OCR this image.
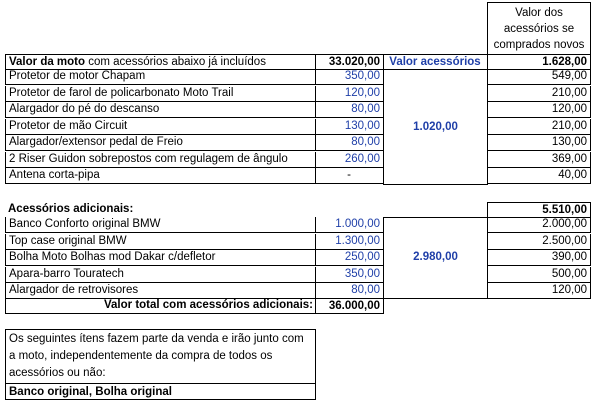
Valor dos acessórios se comprados novos
Valor da moto com acessórios abaixo já incluídos	33.020,00 Valor acessórios	1.628,00
Protetor de motor Chapam	350,00	549,00
Protetor de farol de policarbonato Moto Trail	120,00	210,00
Alargador do pé do descanso	80,00	120,00
Protetor de mão Circuit	130,00	210,00
Alargador/extensor pedal de Freio	80,00	130,00
2 Riser Guidon sobrepostos com regulagem de ângulo	260,00	369,00
Antena corta-pipa	-	40,00
1.020,00
Acessórios adicionais:	5.510,00
Banco Conforto original BMW	1.000,00	2.000,00
Top case original BMW	1.300,00	2.500,00
Bolha Moto Bolhas mod Dakar c/defletor	250,00	390,00
Apara-barro Touratech	350,00	500,00
Alargador de retrovisores	80,00	120,00
2.980,00
Valor total com acessórios adicionais:	36.000,00
Os seguintes ítens fazem parte da venda e irão junto com a moto, independentemente da compra de todos os acessórios ou não:
Banco original, Bolha original
